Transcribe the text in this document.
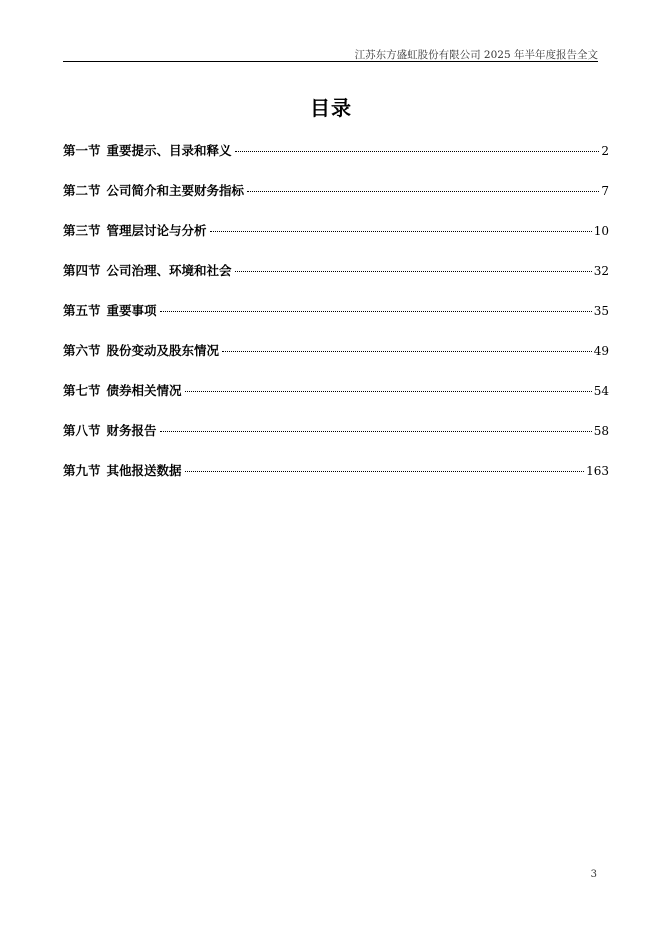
江苏东方盛虹股份有限公司 2025 年半年度报告全文
目录
第一节 重要提示、目录和释义	2
第二节 公司简介和主要财务指标	7
第三节 管理层讨论与分析	10
第四节 公司治理、环境和社会	32
第五节 重要事项	35
第六节 股份变动及股东情况	49
第七节 债券相关情况	54
第八节 财务报告	58
第九节 其他报送数据	163
3
